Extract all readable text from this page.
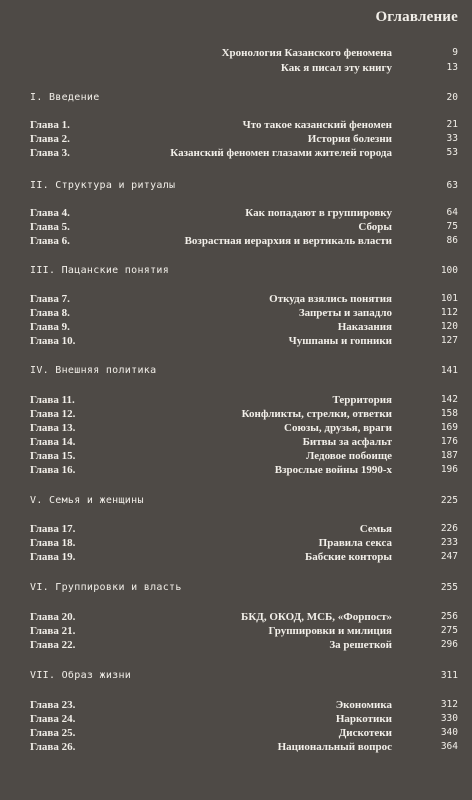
Оглавление
Хронология Казанского феномена	9
Как я писал эту книгу	13
I. Введение	20
Глава 1.	Что такое казанский феномен	21
Глава 2.	История болезни	33
Глава 3.	Казанский феномен глазами жителей города	53
II. Структура и ритуалы	63
Глава 4.	Как попадают в группировку	64
Глава 5.	Сборы	75
Глава 6.	Возрастная иерархия и вертикаль власти	86
III. Пацанские понятия	100
Глава 7.	Откуда взялись понятия	101
Глава 8.	Запреты и западло	112
Глава 9.	Наказания	120
Глава 10.	Чушпаны и гопники	127
IV. Внешняя политика	141
Глава 11.	Территория	142
Глава 12.	Конфликты, стрелки, ответки	158
Глава 13.	Союзы, друзья, враги	169
Глава 14.	Битвы за асфальт	176
Глава 15.	Ледовое побоище	187
Глава 16.	Взрослые войны 1990-х	196
V. Семья и женщины	225
Глава 17.	Семья	226
Глава 18.	Правила секса	233
Глава 19.	Бабские конторы	247
VI. Группировки и власть	255
Глава 20.	БКД, ОКОД, МСБ, «Форпост»	256
Глава 21.	Группировки и милиция	275
Глава 22.	За решеткой	296
VII. Образ жизни	311
Глава 23.	Экономика	312
Глава 24.	Наркотики	330
Глава 25.	Дискотеки	340
Глава 26.	Национальный вопрос	364
